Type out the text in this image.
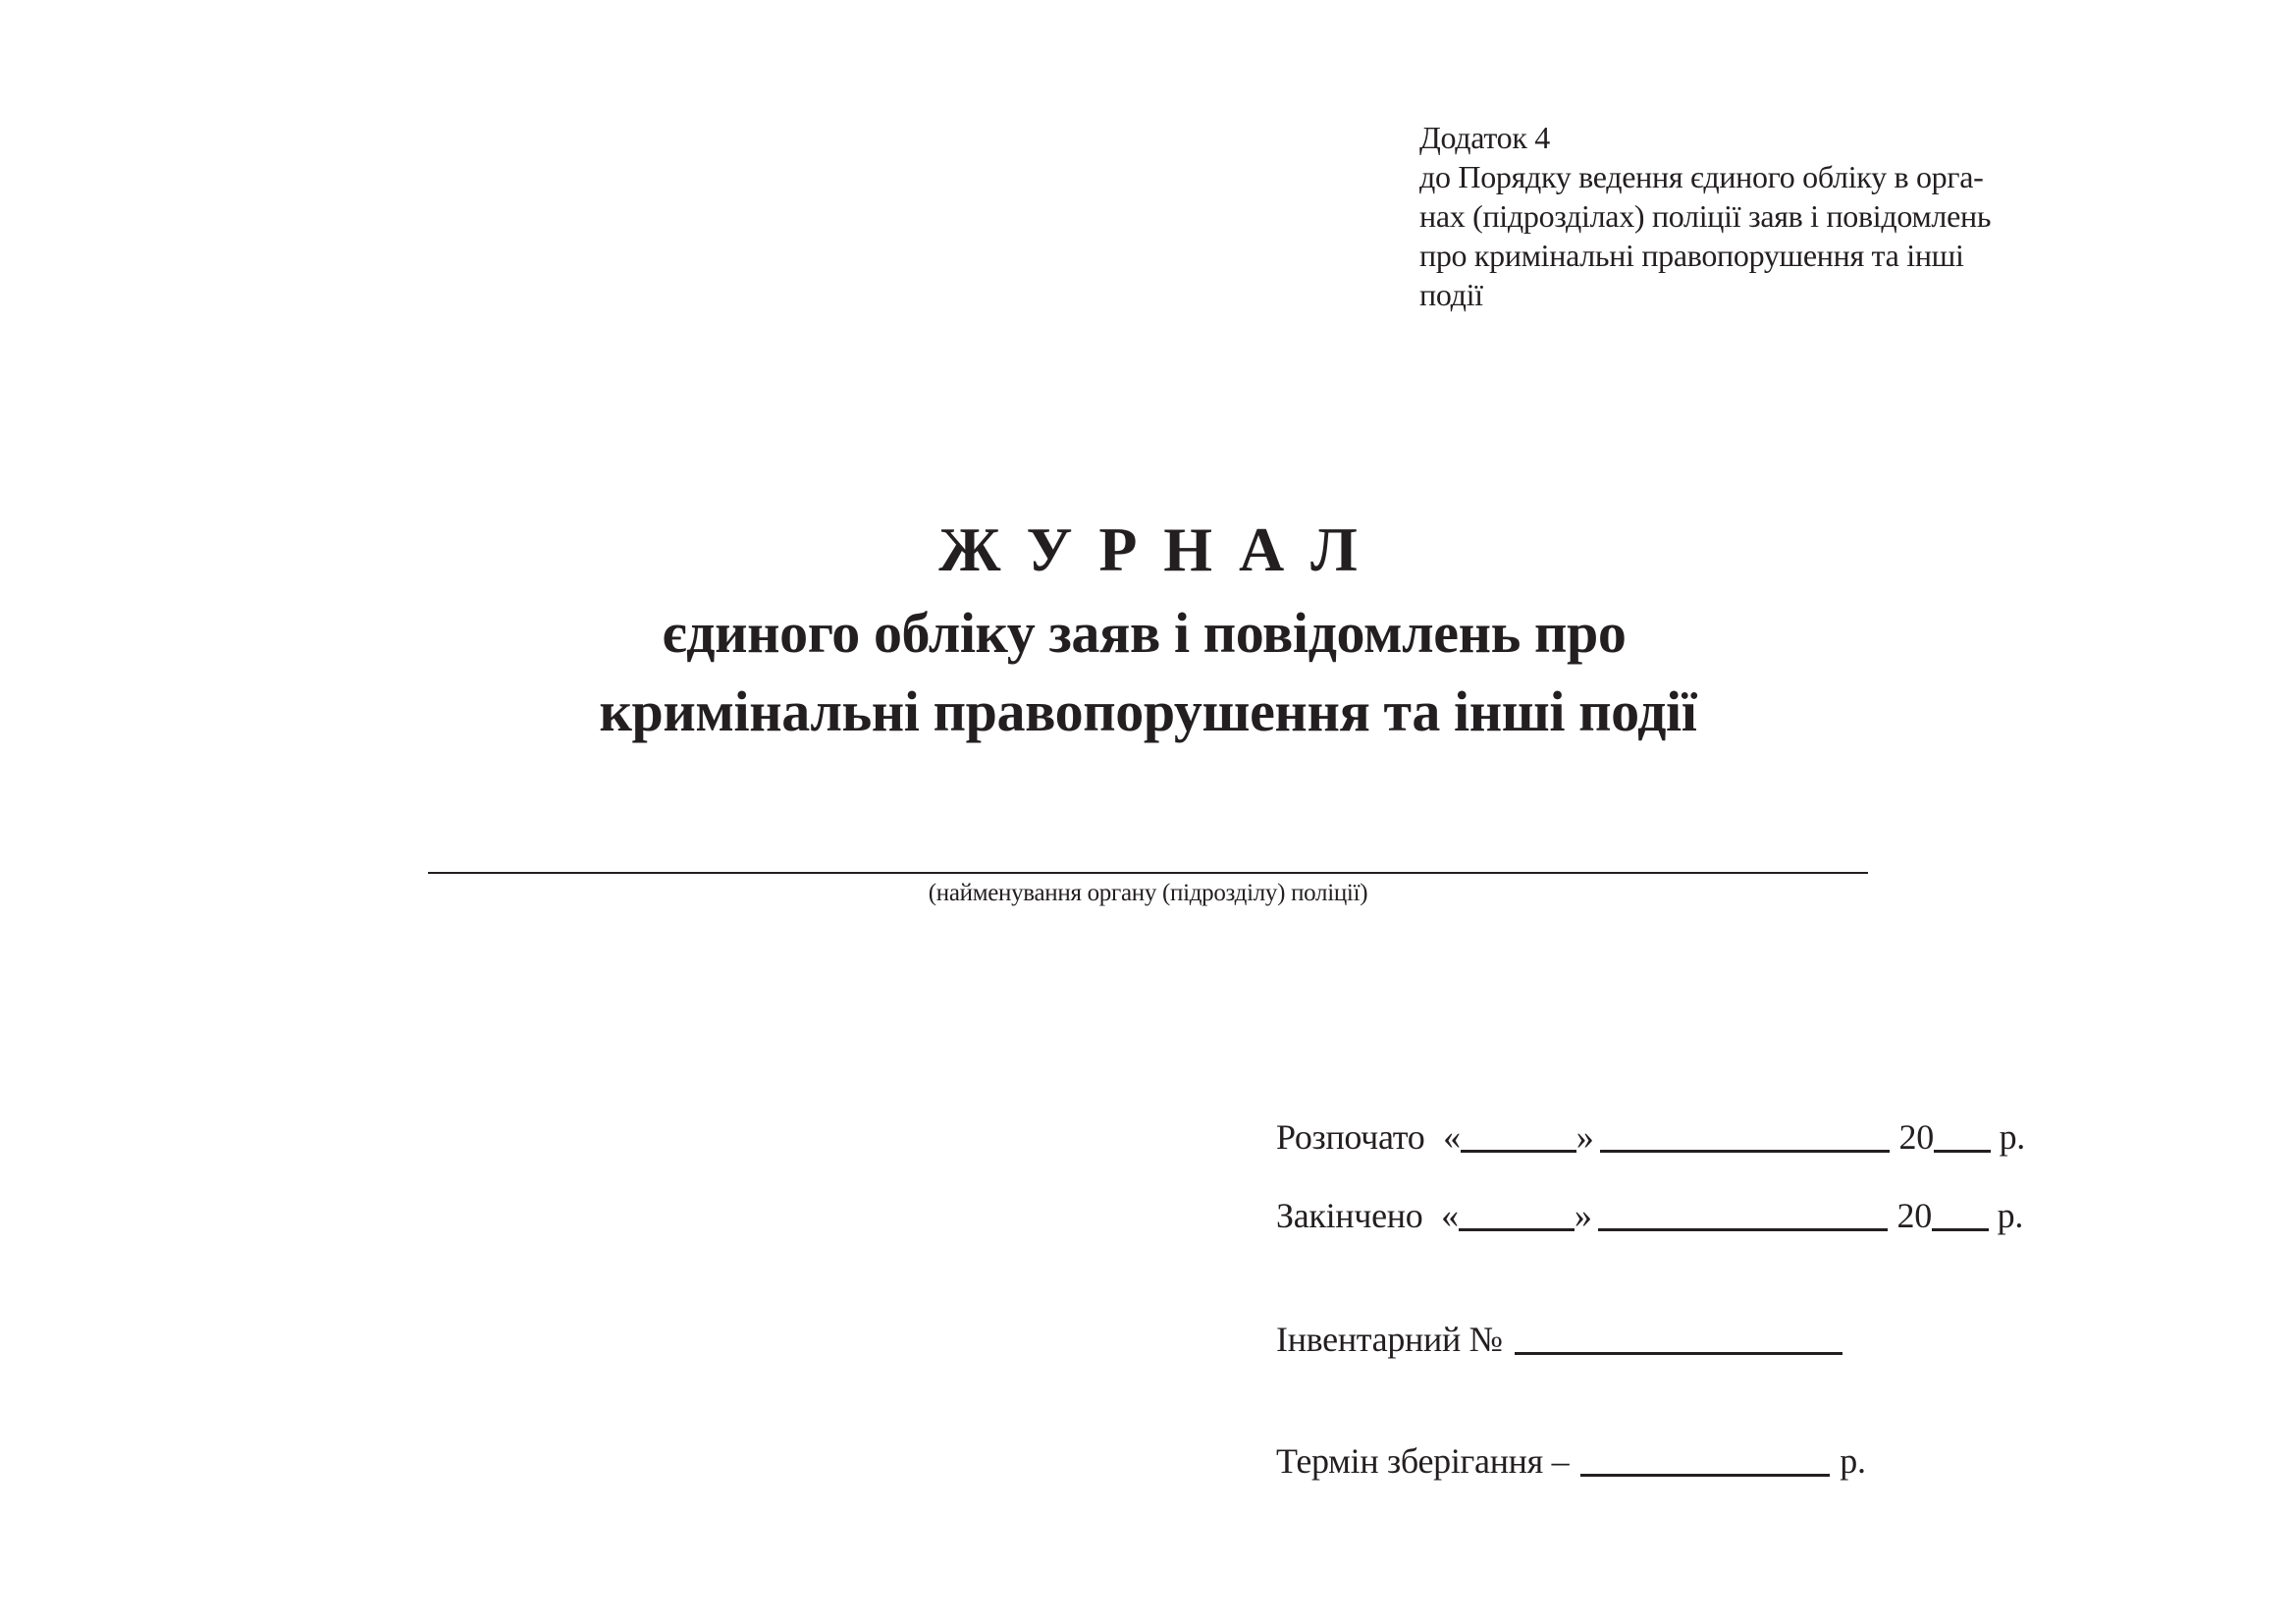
Додаток 4
до Порядку ведення єдиного обліку в орга-
нах (підрозділах) поліції заяв і повідомлень
про кримінальні правопорушення та інші
події
ЖУРНАЛ
єдиного обліку заяв і повідомлень про
кримінальні правопорушення та інші події
(найменування органу (підрозділу) поліції)
Розпочато «	»	20 р.
Закінчено «	»	20 р.
Інвентарний №
Термін зберігання –	р.
